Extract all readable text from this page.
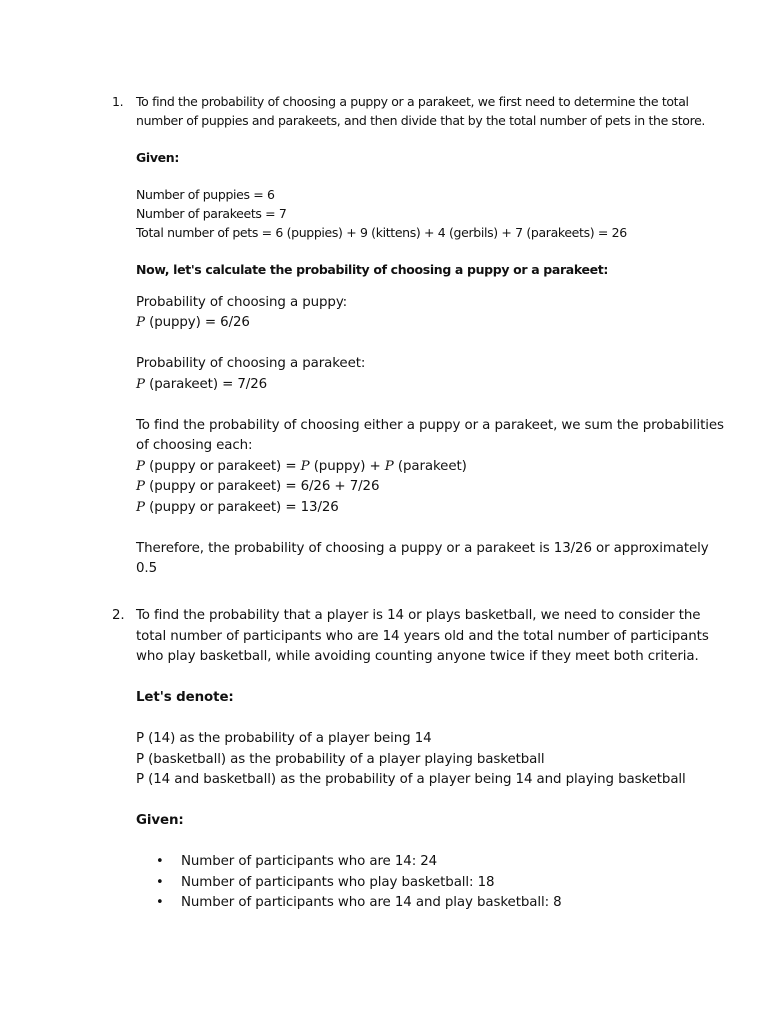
1. To find the probability of choosing a puppy or a parakeet, we first need to determine the total
number of puppies and parakeets, and then divide that by the total number of pets in the store.
Given:
Number of puppies = 6
Number of parakeets = 7
Total number of pets = 6 (puppies) + 9 (kittens) + 4 (gerbils) + 7 (parakeets) = 26
Now, let's calculate the probability of choosing a puppy or a parakeet:
Probability of choosing a puppy:
P (puppy) = 6/26
Probability of choosing a parakeet:
P (parakeet) = 7/26
To find the probability of choosing either a puppy or a parakeet, we sum the probabilities
of choosing each:
P (puppy or parakeet) = P (puppy) + P (parakeet)
P (puppy or parakeet) = 6/26 + 7/26
P (puppy or parakeet) = 13/26
Therefore, the probability of choosing a puppy or a parakeet is 13/26 or approximately
0.5
2. To find the probability that a player is 14 or plays basketball, we need to consider the
total number of participants who are 14 years old and the total number of participants
who play basketball, while avoiding counting anyone twice if they meet both criteria.
Let's denote:
P (14) as the probability of a player being 14
P (basketball) as the probability of a player playing basketball
P (14 and basketball) as the probability of a player being 14 and playing basketball
Given:
• Number of participants who are 14: 24
• Number of participants who play basketball: 18
• Number of participants who are 14 and play basketball: 8
